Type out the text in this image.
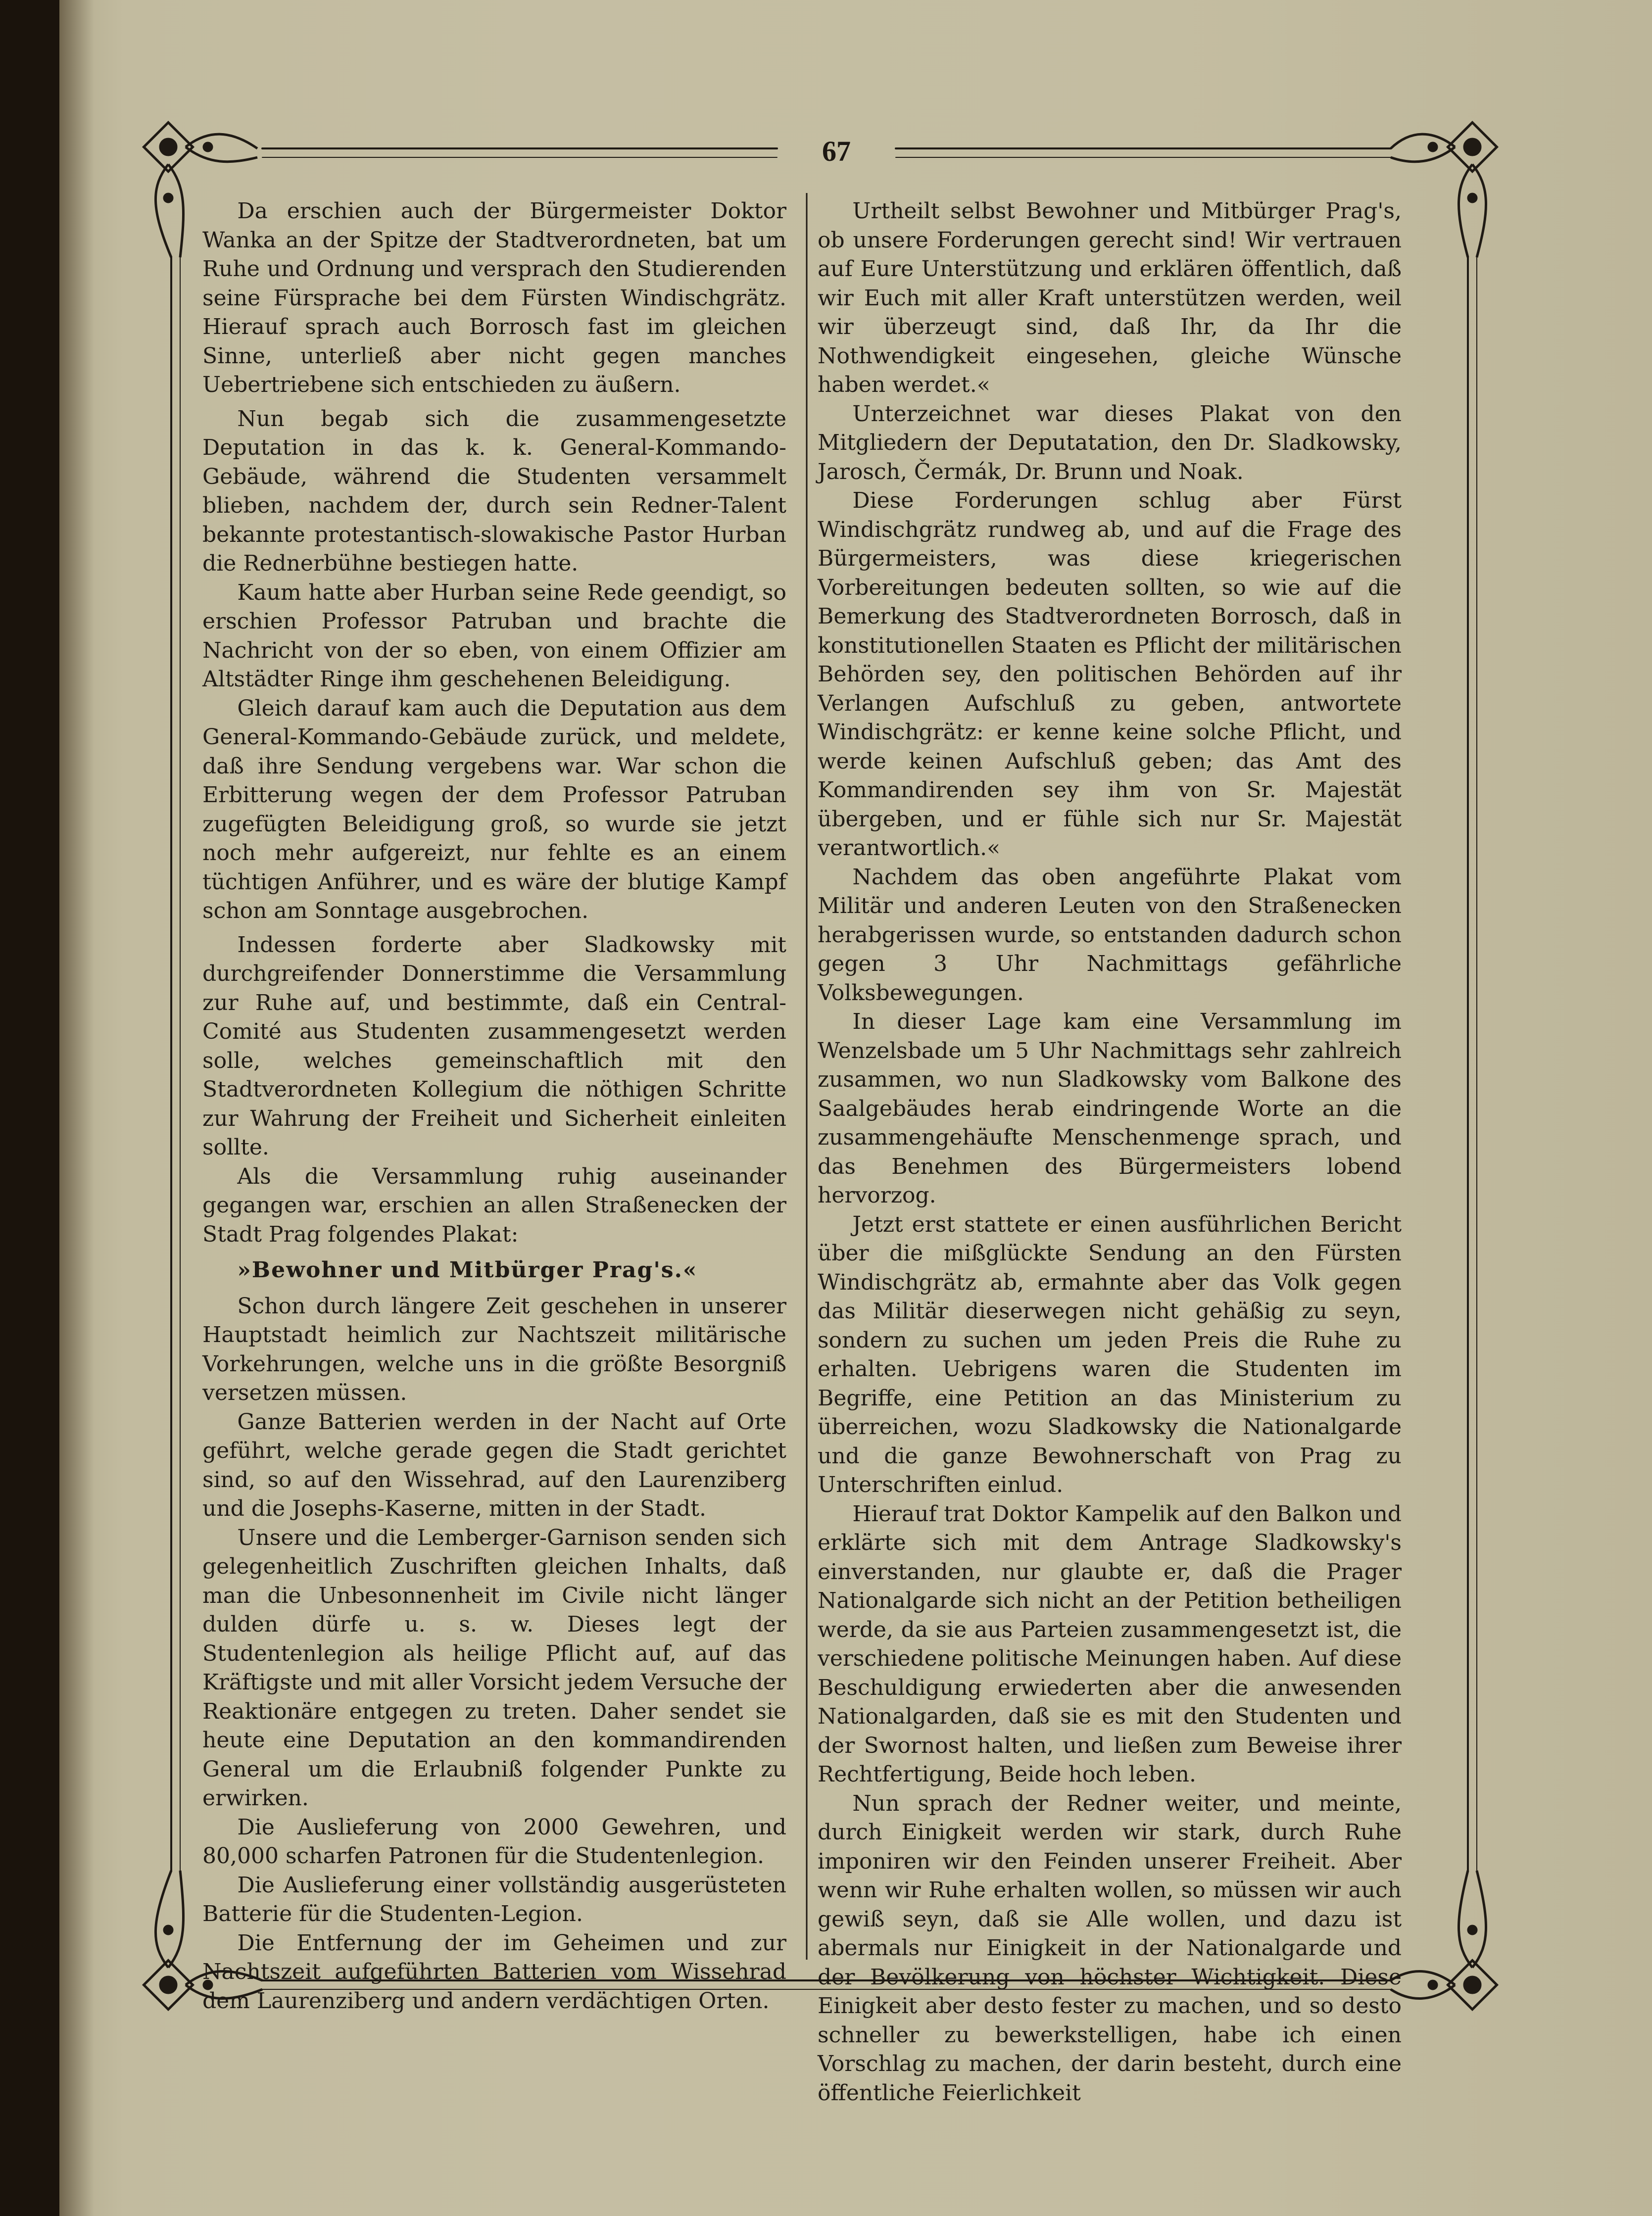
67

Da erschien auch der Bürgermeister Doktor Wanka an der Spitze der Stadtverordneten, bat um Ruhe und Ordnung und versprach den Studierenden seine Fürsprache bei dem Fürsten Windischgrätz. Hierauf sprach auch Borrosch fast im gleichen Sinne, unterließ aber nicht gegen manches Uebertriebene sich entschieden zu äußern.

Nun begab sich die zusammengesetzte Deputation in das k. k. General-Kommando-Gebäude, während die Studenten versammelt blieben, nachdem der, durch sein Redner-Talent bekannte protestantisch-slowakische Pastor Hurban die Rednerbühne bestiegen hatte.

Kaum hatte aber Hurban seine Rede geendigt, so erschien Professor Patruban und brachte die Nachricht von der so eben, von einem Offizier am Altstädter Ringe ihm geschehenen Beleidigung.

Gleich darauf kam auch die Deputation aus dem General-Kommando-Gebäude zurück, und meldete, daß ihre Sendung vergebens war. War schon die Erbitterung wegen der dem Professor Patruban zugefügten Beleidigung groß, so wurde sie jetzt noch mehr aufgereizt, nur fehlte es an einem tüchtigen Anführer, und es wäre der blutige Kampf schon am Sonntage ausgebrochen.

Indessen forderte aber Sladkowsky mit durchgreifender Donnerstimme die Versammlung zur Ruhe auf, und bestimmte, daß ein Central-Comité aus Studenten zusammengesetzt werden solle, welches gemeinschaftlich mit den Stadtverordneten Kollegium die nöthigen Schritte zur Wahrung der Freiheit und Sicherheit einleiten sollte.

Als die Versammlung ruhig auseinander gegangen war, erschien an allen Straßenecken der Stadt Prag folgendes Plakat:

»Bewohner und Mitbürger Prag's.«

Schon durch längere Zeit geschehen in unserer Hauptstadt heimlich zur Nachtszeit militärische Vorkehrungen, welche uns in die größte Besorgniß versetzen müssen.

Ganze Batterien werden in der Nacht auf Orte geführt, welche gerade gegen die Stadt gerichtet sind, so auf den Wissehrad, auf den Laurenziberg und die Josephs-Kaserne, mitten in der Stadt.

Unsere und die Lemberger-Garnison senden sich gelegenheitlich Zuschriften gleichen Inhalts, daß man die Unbesonnenheit im Civile nicht länger dulden dürfe u. s. w. Dieses legt der Studentenlegion als heilige Pflicht auf, auf das Kräftigste und mit aller Vorsicht jedem Versuche der Reaktionäre entgegen zu treten. Daher sendet sie heute eine Deputation an den kommandirenden General um die Erlaubniß folgender Punkte zu erwirken.

Die Auslieferung von 2000 Gewehren, und 80,000 scharfen Patronen für die Studentenlegion.

Die Auslieferung einer vollständig ausgerüsteten Batterie für die Studenten-Legion.

Die Entfernung der im Geheimen und zur Nachtszeit aufgeführten Batterien vom Wissehrad dem Laurenziberg und andern verdächtigen Orten.

Urtheilt selbst Bewohner und Mitbürger Prag's, ob unsere Forderungen gerecht sind! Wir vertrauen auf Eure Unterstützung und erklären öffentlich, daß wir Euch mit aller Kraft unterstützen werden, weil wir überzeugt sind, daß Ihr, da Ihr die Nothwendigkeit eingesehen, gleiche Wünsche haben werdet.«

Unterzeichnet war dieses Plakat von den Mitgliedern der Deputatation, den Dr. Sladkowsky, Jarosch, Čermák, Dr. Brunn und Noak.

Diese Forderungen schlug aber Fürst Windischgrätz rundweg ab, und auf die Frage des Bürgermeisters, was diese kriegerischen Vorbereitungen bedeuten sollten, so wie auf die Bemerkung des Stadtverordneten Borrosch, daß in konstitutionellen Staaten es Pflicht der militärischen Behörden sey, den politischen Behörden auf ihr Verlangen Aufschluß zu geben, antwortete Windischgrätz: er kenne keine solche Pflicht, und werde keinen Aufschluß geben; das Amt des Kommandirenden sey ihm von Sr. Majestät übergeben, und er fühle sich nur Sr. Majestät verantwortlich.«

Nachdem das oben angeführte Plakat vom Militär und anderen Leuten von den Straßenecken herabgerissen wurde, so entstanden dadurch schon gegen 3 Uhr Nachmittags gefährliche Volksbewegungen.

In dieser Lage kam eine Versammlung im Wenzelsbade um 5 Uhr Nachmittags sehr zahlreich zusammen, wo nun Sladkowsky vom Balkone des Saalgebäudes herab eindringende Worte an die zusammengehäufte Menschenmenge sprach, und das Benehmen des Bürgermeisters lobend hervorzog.

Jetzt erst stattete er einen ausführlichen Bericht über die mißglückte Sendung an den Fürsten Windischgrätz ab, ermahnte aber das Volk gegen das Militär dieserwegen nicht gehäßig zu seyn, sondern zu suchen um jeden Preis die Ruhe zu erhalten. Uebrigens waren die Studenten im Begriffe, eine Petition an das Ministerium zu überreichen, wozu Sladkowsky die Nationalgarde und die ganze Bewohnerschaft von Prag zu Unterschriften einlud.

Hierauf trat Doktor Kampelik auf den Balkon und erklärte sich mit dem Antrage Sladkowsky's einverstanden, nur glaubte er, daß die Prager Nationalgarde sich nicht an der Petition betheiligen werde, da sie aus Parteien zusammengesetzt ist, die verschiedene politische Meinungen haben. Auf diese Beschuldigung erwiederten aber die anwesenden Nationalgarden, daß sie es mit den Studenten und der Swornost halten, und ließen zum Beweise ihrer Rechtfertigung, Beide hoch leben.

Nun sprach der Redner weiter, und meinte, durch Einigkeit werden wir stark, durch Ruhe imponiren wir den Feinden unserer Freiheit. Aber wenn wir Ruhe erhalten wollen, so müssen wir auch gewiß seyn, daß sie Alle wollen, und dazu ist abermals nur Einigkeit in der Nationalgarde und der Bevölkerung von höchster Wichtigkeit. Diese Einigkeit aber desto fester zu machen, und so desto schneller zu bewerkstelligen, habe ich einen Vorschlag zu machen, der darin besteht, durch eine öffentliche Feierlichkeit
